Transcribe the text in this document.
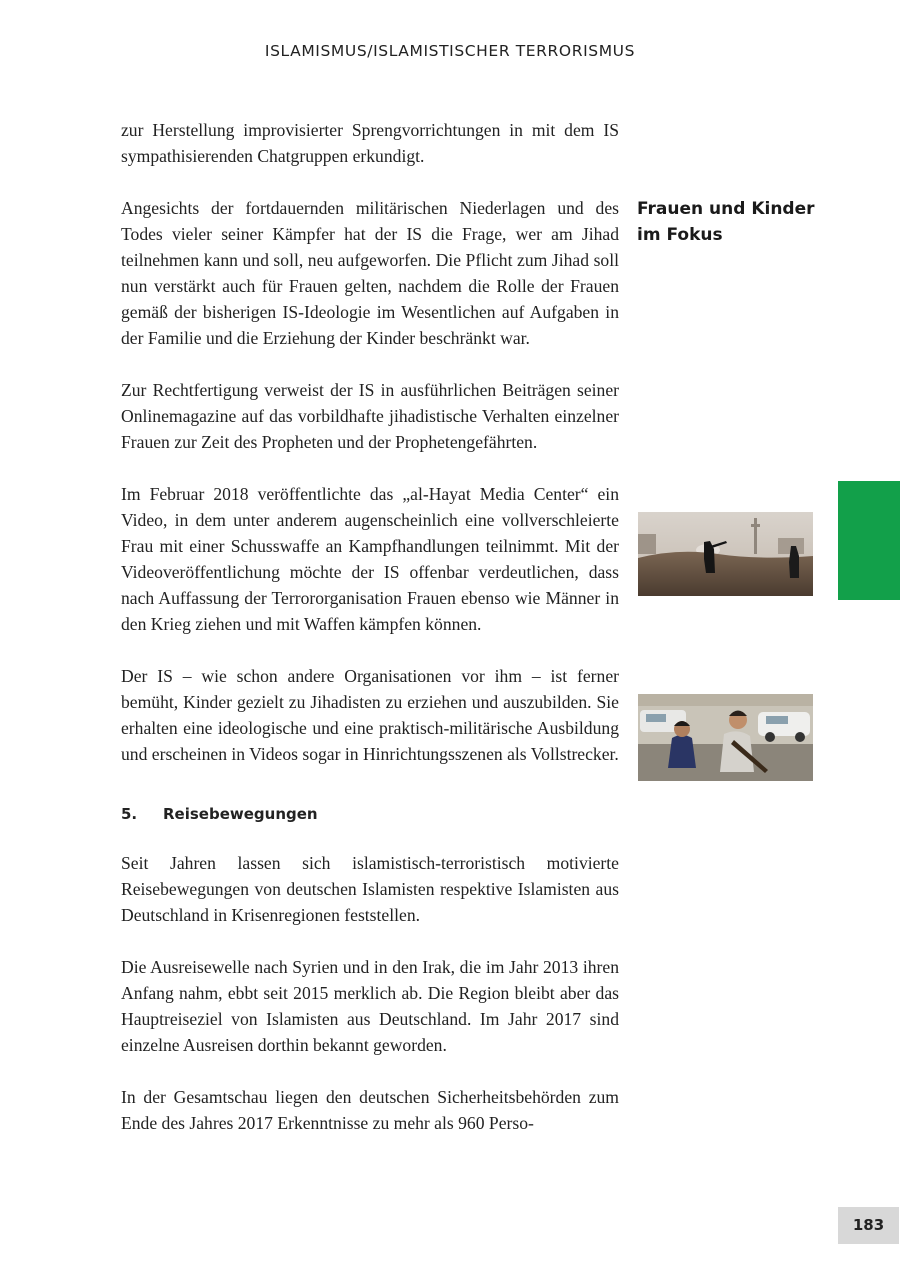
ISLAMISMUS/ISLAMISTISCHER TERRORISMUS

zur Herstellung improvisierter Sprengvorrichtungen in mit dem IS sympathisierenden Chatgruppen erkundigt.

Angesichts der fortdauernden militärischen Niederlagen und des Todes vieler seiner Kämpfer hat der IS die Frage, wer am Jihad teilnehmen kann und soll, neu aufgeworfen. Die Pflicht zum Jihad soll nun verstärkt auch für Frauen gelten, nachdem die Rolle der Frauen gemäß der bisherigen IS-Ideologie im Wesentlichen auf Aufgaben in der Familie und die Erziehung der Kinder beschränkt war.

Zur Rechtfertigung verweist der IS in ausführlichen Beiträgen seiner Onlinemagazine auf das vorbildhafte jihadistische Verhalten einzelner Frauen zur Zeit des Propheten und der Prophetengefährten.

Im Februar 2018 veröffentlichte das „al-Hayat Media Center“ ein Video, in dem unter anderem augenscheinlich eine vollverschleierte Frau mit einer Schusswaffe an Kampfhandlungen teilnimmt. Mit der Videoveröffentlichung möchte der IS offenbar verdeutlichen, dass nach Auffassung der Terrororganisation Frauen ebenso wie Männer in den Krieg ziehen und mit Waffen kämpfen können.

Der IS – wie schon andere Organisationen vor ihm – ist ferner bemüht, Kinder gezielt zu Jihadisten zu erziehen und auszubilden. Sie erhalten eine ideologische und eine praktisch-militärische Ausbildung und erscheinen in Videos sogar in Hinrichtungsszenen als Vollstrecker.

5. Reisebewegungen

Seit Jahren lassen sich islamistisch-terroristisch motivierte Reisebewegungen von deutschen Islamisten respektive Islamisten aus Deutschland in Krisenregionen feststellen.

Die Ausreisewelle nach Syrien und in den Irak, die im Jahr 2013 ihren Anfang nahm, ebbt seit 2015 merklich ab. Die Region bleibt aber das Hauptreiseziel von Islamisten aus Deutschland. Im Jahr 2017 sind einzelne Ausreisen dorthin bekannt geworden.

In der Gesamtschau liegen den deutschen Sicherheitsbehörden zum Ende des Jahres 2017 Erkenntnisse zu mehr als 960 Perso-

Frauen und Kinder im Fokus
183
